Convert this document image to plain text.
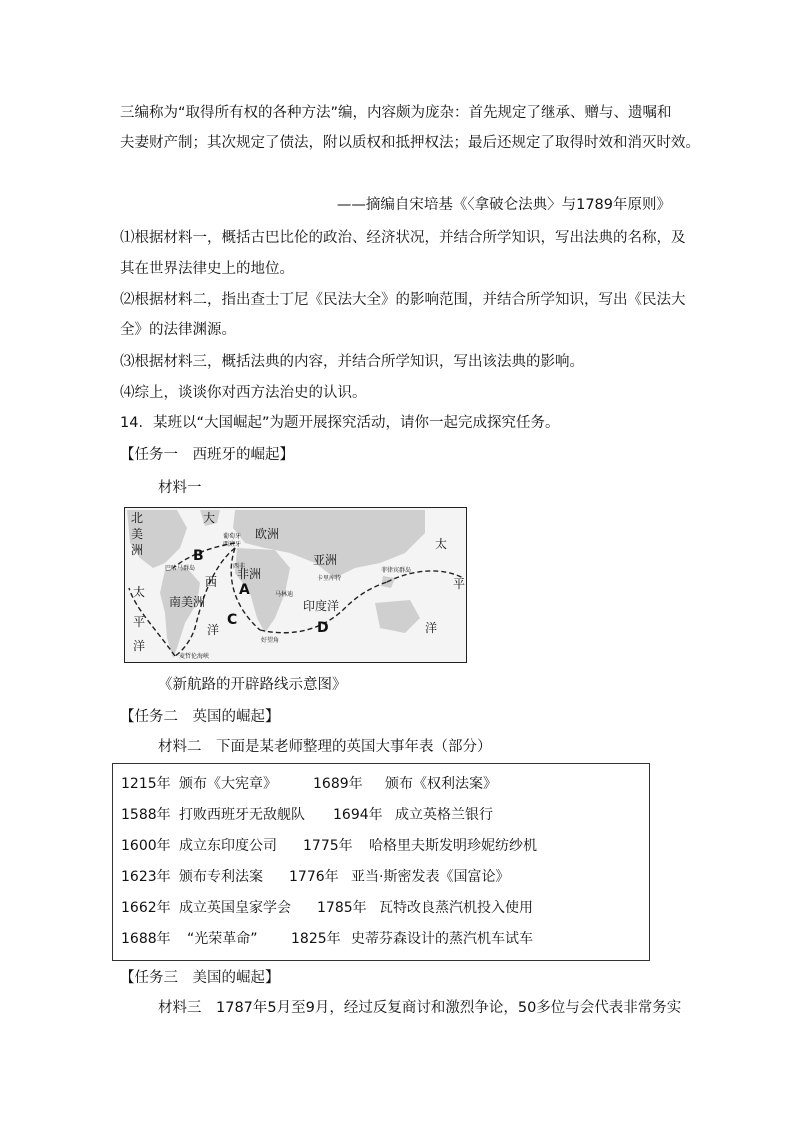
三编称为“取得所有权的各种方法”编，内容颇为庞杂：首先规定了继承、赠与、遗嘱和
夫妻财产制；其次规定了债法，附以质权和抵押权法；最后还规定了取得时效和消灭时效。
——摘编自宋培基《〈拿破仑法典〉与1789年原则》
⑴根据材料一，概括古巴比伦的政治、经济状况，并结合所学知识，写出法典的名称，及
其在世界法律史上的地位。
⑵根据材料二，指出查士丁尼《民法大全》的影响范围，并结合所学知识，写出《民法大
全》的法律渊源。
⑶根据材料三，概括法典的内容，并结合所学知识，写出该法典的影响。
⑷综上，谈谈你对西方法治史的认识。
14．某班以“大国崛起”为题开展探究活动，请你一起完成探究任务。
【任务一　西班牙的崛起】
材料一
北
美
洲
大
西
洋
欧洲
亚洲
非洲
南美洲	印度洋
太
平
洋
太
平
洋
A
B
C	D
葡萄牙
西班牙
巴哈马群岛	西非
马林迪
卡里库特
菲律宾群岛
好望角
麦哲伦海峡
《新航路的开辟路线示意图》
【任务二　英国的崛起】
材料二　下面是某老师整理的英国大事年表（部分）
1215年 颁布《大宪章》	1689年 颁布《权利法案》
1588年 打败西班牙无敌舰队 1694年 成立英格兰银行
1600年 成立东印度公司 1775年 哈格里夫斯发明珍妮纺纱机
1623年 颁布专利法案 1776年 亚当·斯密发表《国富论》
1662年 成立英国皇家学会 1785年 瓦特改良蒸汽机投入使用
1688年 “光荣革命” 1825年 史蒂芬森设计的蒸汽机车试车
【任务三　美国的崛起】
材料三　1787年5月至9月，经过反复商讨和激烈争论，50多位与会代表非常务实
